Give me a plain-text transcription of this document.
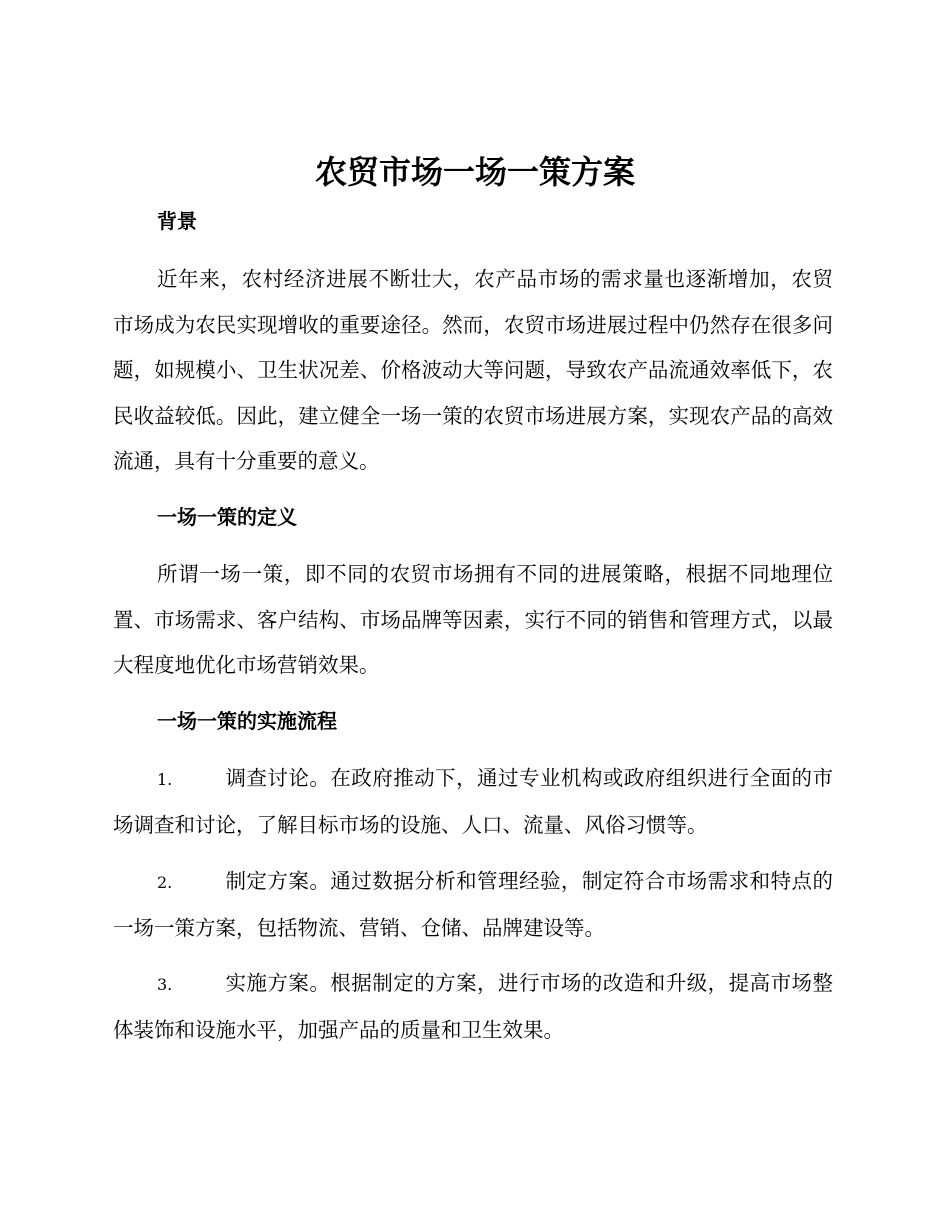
农贸市场一场一策方案
背景
近年来，农村经济进展不断壮大，农产品市场的需求量也逐渐增加，农贸市场成为农民实现增收的重要途径。然而，农贸市场进展过程中仍然存在很多问题，如规模小、卫生状况差、价格波动大等问题，导致农产品流通效率低下，农民收益较低。因此，建立健全一场一策的农贸市场进展方案，实现农产品的高效流通，具有十分重要的意义。
一场一策的定义
所谓一场一策，即不同的农贸市场拥有不同的进展策略，根据不同地理位置、市场需求、客户结构、市场品牌等因素，实行不同的销售和管理方式，以最大程度地优化市场营销效果。
一场一策的实施流程
1.	调查讨论。在政府推动下，通过专业机构或政府组织进行全面的市场调查和讨论，了解目标市场的设施、人口、流量、风俗习惯等。
2.	制定方案。通过数据分析和管理经验，制定符合市场需求和特点的一场一策方案，包括物流、营销、仓储、品牌建设等。
3.	实施方案。根据制定的方案，进行市场的改造和升级，提高市场整体装饰和设施水平，加强产品的质量和卫生效果。
